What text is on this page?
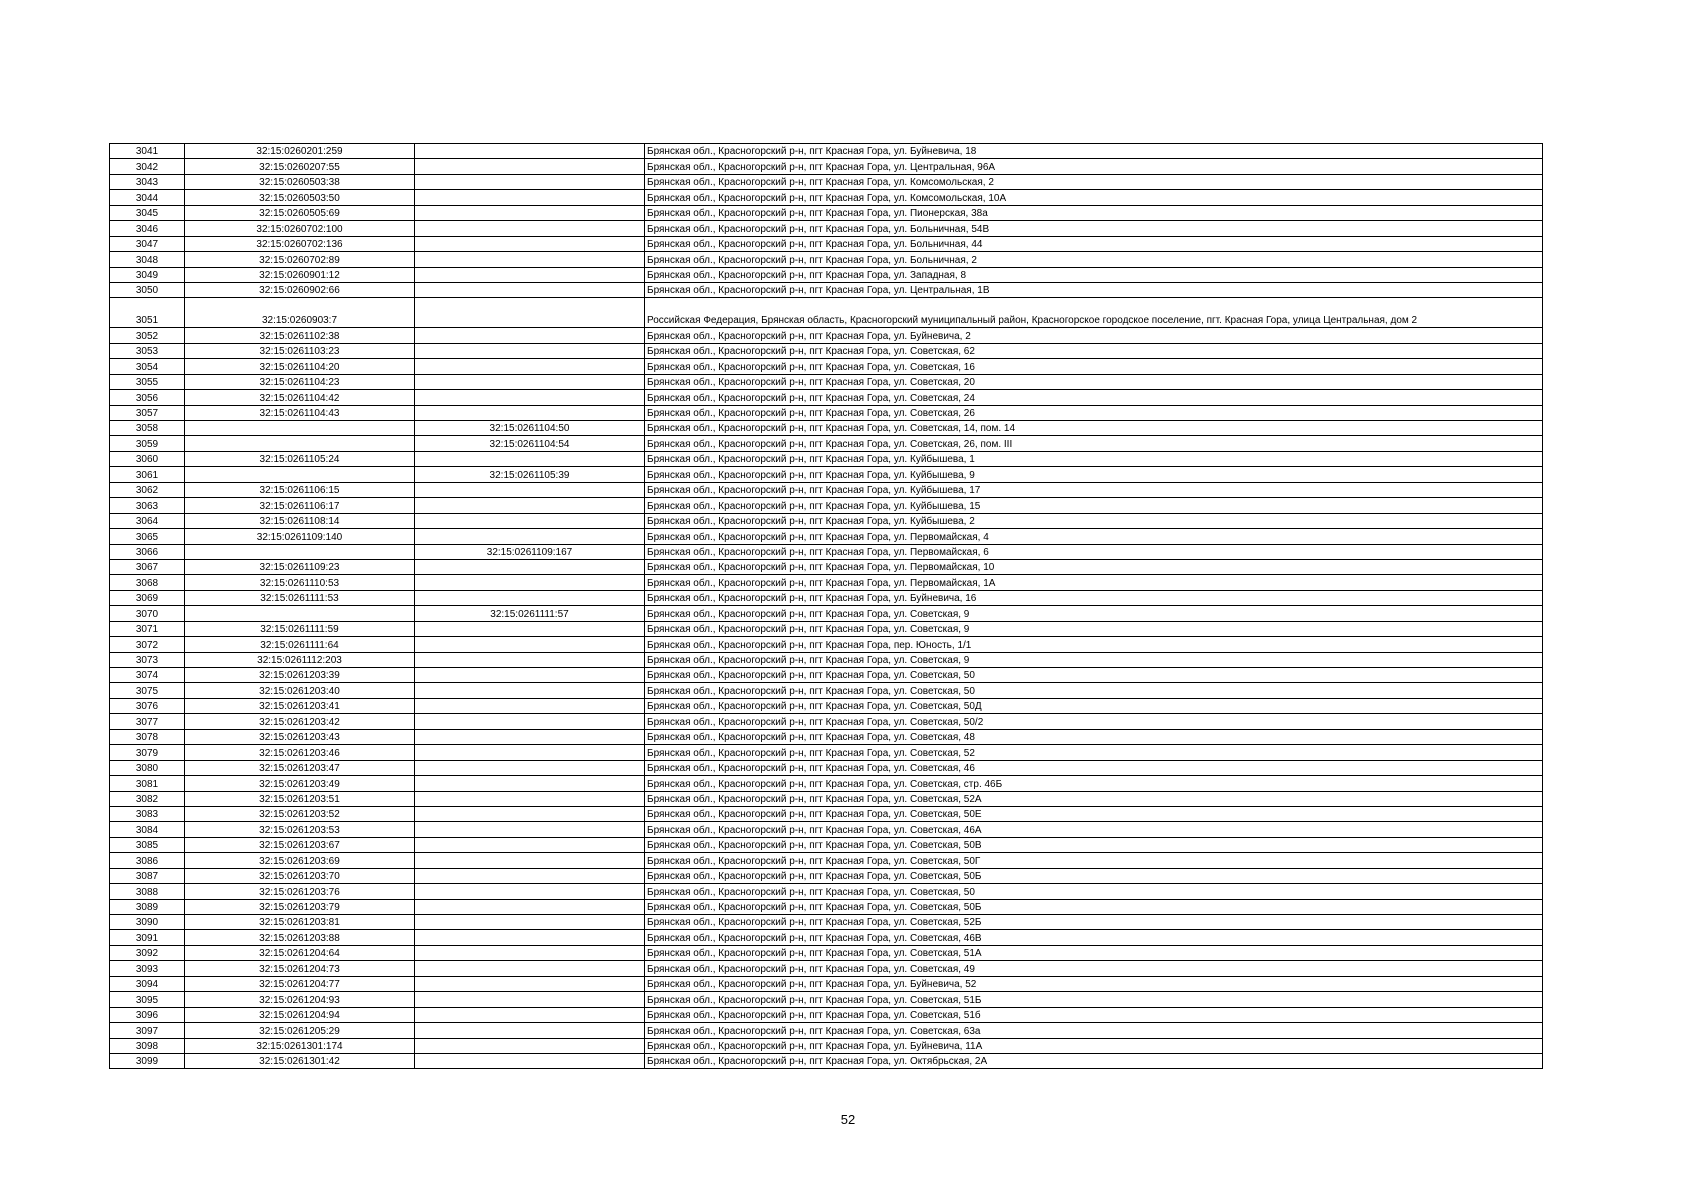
3041	32:15:0260201:259		Брянская обл., Красногорский р-н, пгт Красная Гора, ул. Буйневича, 18
3042	32:15:0260207:55		Брянская обл., Красногорский р-н, пгт Красная Гора, ул. Центральная, 96А
3043	32:15:0260503:38		Брянская обл., Красногорский р-н, пгт Красная Гора, ул. Комсомольская, 2
3044	32:15:0260503:50		Брянская обл., Красногорский р-н, пгт Красная Гора, ул. Комсомольская, 10А
3045	32:15:0260505:69		Брянская обл., Красногорский р-н, пгт Красная Гора, ул. Пионерская, 38а
3046	32:15:0260702:100		Брянская обл., Красногорский р-н, пгт Красная Гора, ул. Больничная, 54В
3047	32:15:0260702:136		Брянская обл., Красногорский р-н, пгт Красная Гора, ул. Больничная, 44
3048	32:15:0260702:89		Брянская обл., Красногорский р-н, пгт Красная Гора, ул. Больничная, 2
3049	32:15:0260901:12		Брянская обл., Красногорский р-н, пгт Красная Гора, ул. Западная, 8
3050	32:15:0260902:66		Брянская обл., Красногорский р-н, пгт Красная Гора, ул. Центральная, 1В
3051	32:15:0260903:7		Российская Федерация, Брянская область, Красногорский муниципальный район, Красногорское городское поселение, пгт. Красная Гора, улица Центральная, дом 2
3052	32:15:0261102:38		Брянская обл., Красногорский р-н, пгт Красная Гора, ул. Буйневича, 2
3053	32:15:0261103:23		Брянская обл., Красногорский р-н, пгт Красная Гора, ул. Советская, 62
3054	32:15:0261104:20		Брянская обл., Красногорский р-н, пгт Красная Гора, ул. Советская, 16
3055	32:15:0261104:23		Брянская обл., Красногорский р-н, пгт Красная Гора, ул. Советская, 20
3056	32:15:0261104:42		Брянская обл., Красногорский р-н, пгт Красная Гора, ул. Советская, 24
3057	32:15:0261104:43		Брянская обл., Красногорский р-н, пгт Красная Гора, ул. Советская, 26
3058		32:15:0261104:50	Брянская обл., Красногорский р-н, пгт Красная Гора, ул. Советская, 14, пом. 14
3059		32:15:0261104:54	Брянская обл., Красногорский р-н, пгт Красная Гора, ул. Советская, 26, пом. III
3060	32:15:0261105:24		Брянская обл., Красногорский р-н, пгт Красная Гора, ул. Куйбышева, 1
3061		32:15:0261105:39	Брянская обл., Красногорский р-н, пгт Красная Гора, ул. Куйбышева, 9
3062	32:15:0261106:15		Брянская обл., Красногорский р-н, пгт Красная Гора, ул. Куйбышева, 17
3063	32:15:0261106:17		Брянская обл., Красногорский р-н, пгт Красная Гора, ул. Куйбышева, 15
3064	32:15:0261108:14		Брянская обл., Красногорский р-н, пгт Красная Гора, ул. Куйбышева, 2
3065	32:15:0261109:140		Брянская обл., Красногорский р-н, пгт Красная Гора, ул. Первомайская, 4
3066		32:15:0261109:167	Брянская обл., Красногорский р-н, пгт Красная Гора, ул. Первомайская, 6
3067	32:15:0261109:23		Брянская обл., Красногорский р-н, пгт Красная Гора, ул. Первомайская, 10
3068	32:15:0261110:53		Брянская обл., Красногорский р-н, пгт Красная Гора, ул. Первомайская, 1А
3069	32:15:0261111:53		Брянская обл., Красногорский р-н, пгт Красная Гора, ул. Буйневича, 16
3070		32:15:0261111:57	Брянская обл., Красногорский р-н, пгт Красная Гора, ул. Советская, 9
3071	32:15:0261111:59		Брянская обл., Красногорский р-н, пгт Красная Гора, ул. Советская, 9
3072	32:15:0261111:64		Брянская обл., Красногорский р-н, пгт Красная Гора, пер. Юность, 1/1
3073	32:15:0261112:203		Брянская обл., Красногорский р-н, пгт Красная Гора, ул. Советская, 9
3074	32:15:0261203:39		Брянская обл., Красногорский р-н, пгт Красная Гора, ул. Советская, 50
3075	32:15:0261203:40		Брянская обл., Красногорский р-н, пгт Красная Гора, ул. Советская, 50
3076	32:15:0261203:41		Брянская обл., Красногорский р-н, пгт Красная Гора, ул. Советская, 50Д
3077	32:15:0261203:42		Брянская обл., Красногорский р-н, пгт Красная Гора, ул. Советская, 50/2
3078	32:15:0261203:43		Брянская обл., Красногорский р-н, пгт Красная Гора, ул. Советская, 48
3079	32:15:0261203:46		Брянская обл., Красногорский р-н, пгт Красная Гора, ул. Советская, 52
3080	32:15:0261203:47		Брянская обл., Красногорский р-н, пгт Красная Гора, ул. Советская, 46
3081	32:15:0261203:49		Брянская обл., Красногорский р-н, пгт Красная Гора, ул. Советская, стр. 46Б
3082	32:15:0261203:51		Брянская обл., Красногорский р-н, пгт Красная Гора, ул. Советская, 52А
3083	32:15:0261203:52		Брянская обл., Красногорский р-н, пгт Красная Гора, ул. Советская, 50Е
3084	32:15:0261203:53		Брянская обл., Красногорский р-н, пгт Красная Гора, ул. Советская, 46А
3085	32:15:0261203:67		Брянская обл., Красногорский р-н, пгт Красная Гора, ул. Советская, 50В
3086	32:15:0261203:69		Брянская обл., Красногорский р-н, пгт Красная Гора, ул. Советская, 50Г
3087	32:15:0261203:70		Брянская обл., Красногорский р-н, пгт Красная Гора, ул. Советская, 50Б
3088	32:15:0261203:76		Брянская обл., Красногорский р-н, пгт Красная Гора, ул. Советская, 50
3089	32:15:0261203:79		Брянская обл., Красногорский р-н, пгт Красная Гора, ул. Советская, 50Б
3090	32:15:0261203:81		Брянская обл., Красногорский р-н, пгт Красная Гора, ул. Советская, 52Б
3091	32:15:0261203:88		Брянская обл., Красногорский р-н, пгт Красная Гора, ул. Советская, 46В
3092	32:15:0261204:64		Брянская обл., Красногорский р-н, пгт Красная Гора, ул. Советская, 51А
3093	32:15:0261204:73		Брянская обл., Красногорский р-н, пгт Красная Гора, ул. Советская, 49
3094	32:15:0261204:77		Брянская обл., Красногорский р-н, пгт Красная Гора, ул. Буйневича, 52
3095	32:15:0261204:93		Брянская обл., Красногорский р-н, пгт Красная Гора, ул. Советская, 51Б
3096	32:15:0261204:94		Брянская обл., Красногорский р-н, пгт Красная Гора, ул. Советская, 51б
3097	32:15:0261205:29		Брянская обл., Красногорский р-н, пгт Красная Гора, ул. Советская, 63а
3098	32:15:0261301:174		Брянская обл., Красногорский р-н, пгт Красная Гора, ул. Буйневича, 11А
3099	32:15:0261301:42		Брянская обл., Красногорский р-н, пгт Красная Гора, ул. Октябрьская, 2А
52
